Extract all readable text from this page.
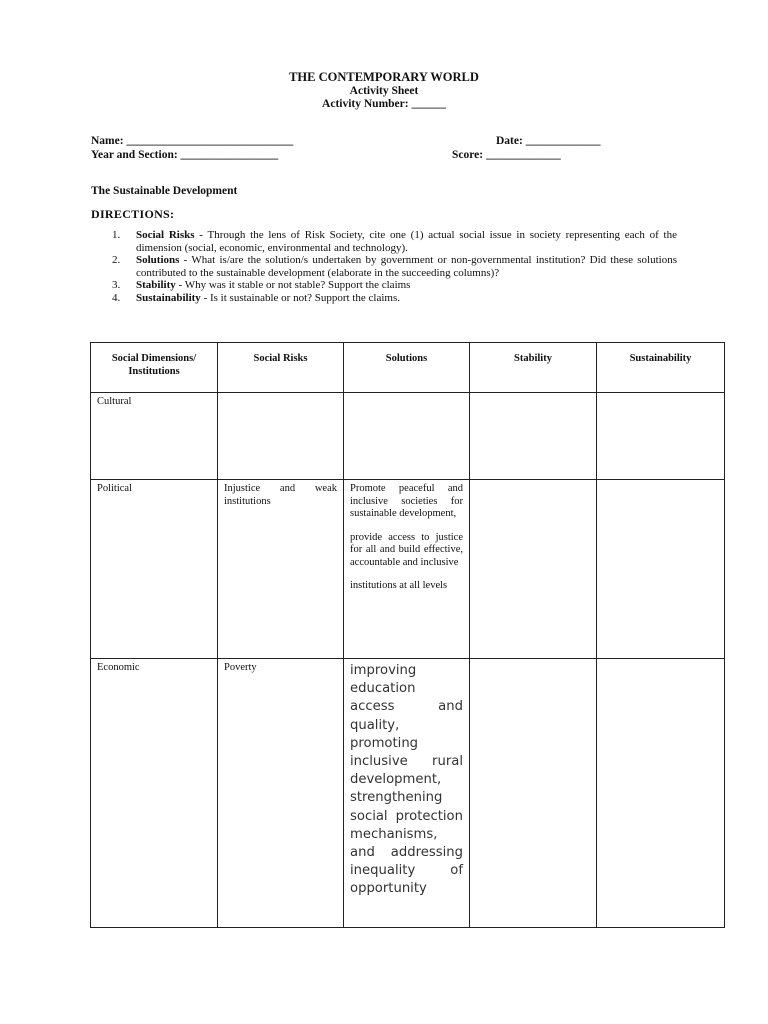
THE CONTEMPORARY WORLD
Activity Sheet
Activity Number: ______
Name: _____________________________	Date: _____________
Year and Section: _________________	Score: _____________
The Sustainable Development
DIRECTIONS:
1. Social Risks - Through the lens of Risk Society, cite one (1) actual social issue in society representing each of the dimension (social, economic, environmental and technology).
2. Solutions - What is/are the solution/s undertaken by government or non-governmental institution? Did these solutions contributed to the sustainable development (elaborate in the succeeding columns)?
3. Stability - Why was it stable or not stable? Support the claims
4. Sustainability - Is it sustainable or not? Support the claims.
Social Dimensions/ Institutions	Social Risks	Solutions	Stability	Sustainability
Cultural				
Political	Injustice and weak institutions	Promote peaceful and inclusive societies for sustainable development,

provide access to justice for all and build effective, accountable and inclusive

institutions at all levels		

Economic	Poverty	improving education access and quality, promoting inclusive rural development, strengthening social protection mechanisms, and addressing inequality of opportunity		
